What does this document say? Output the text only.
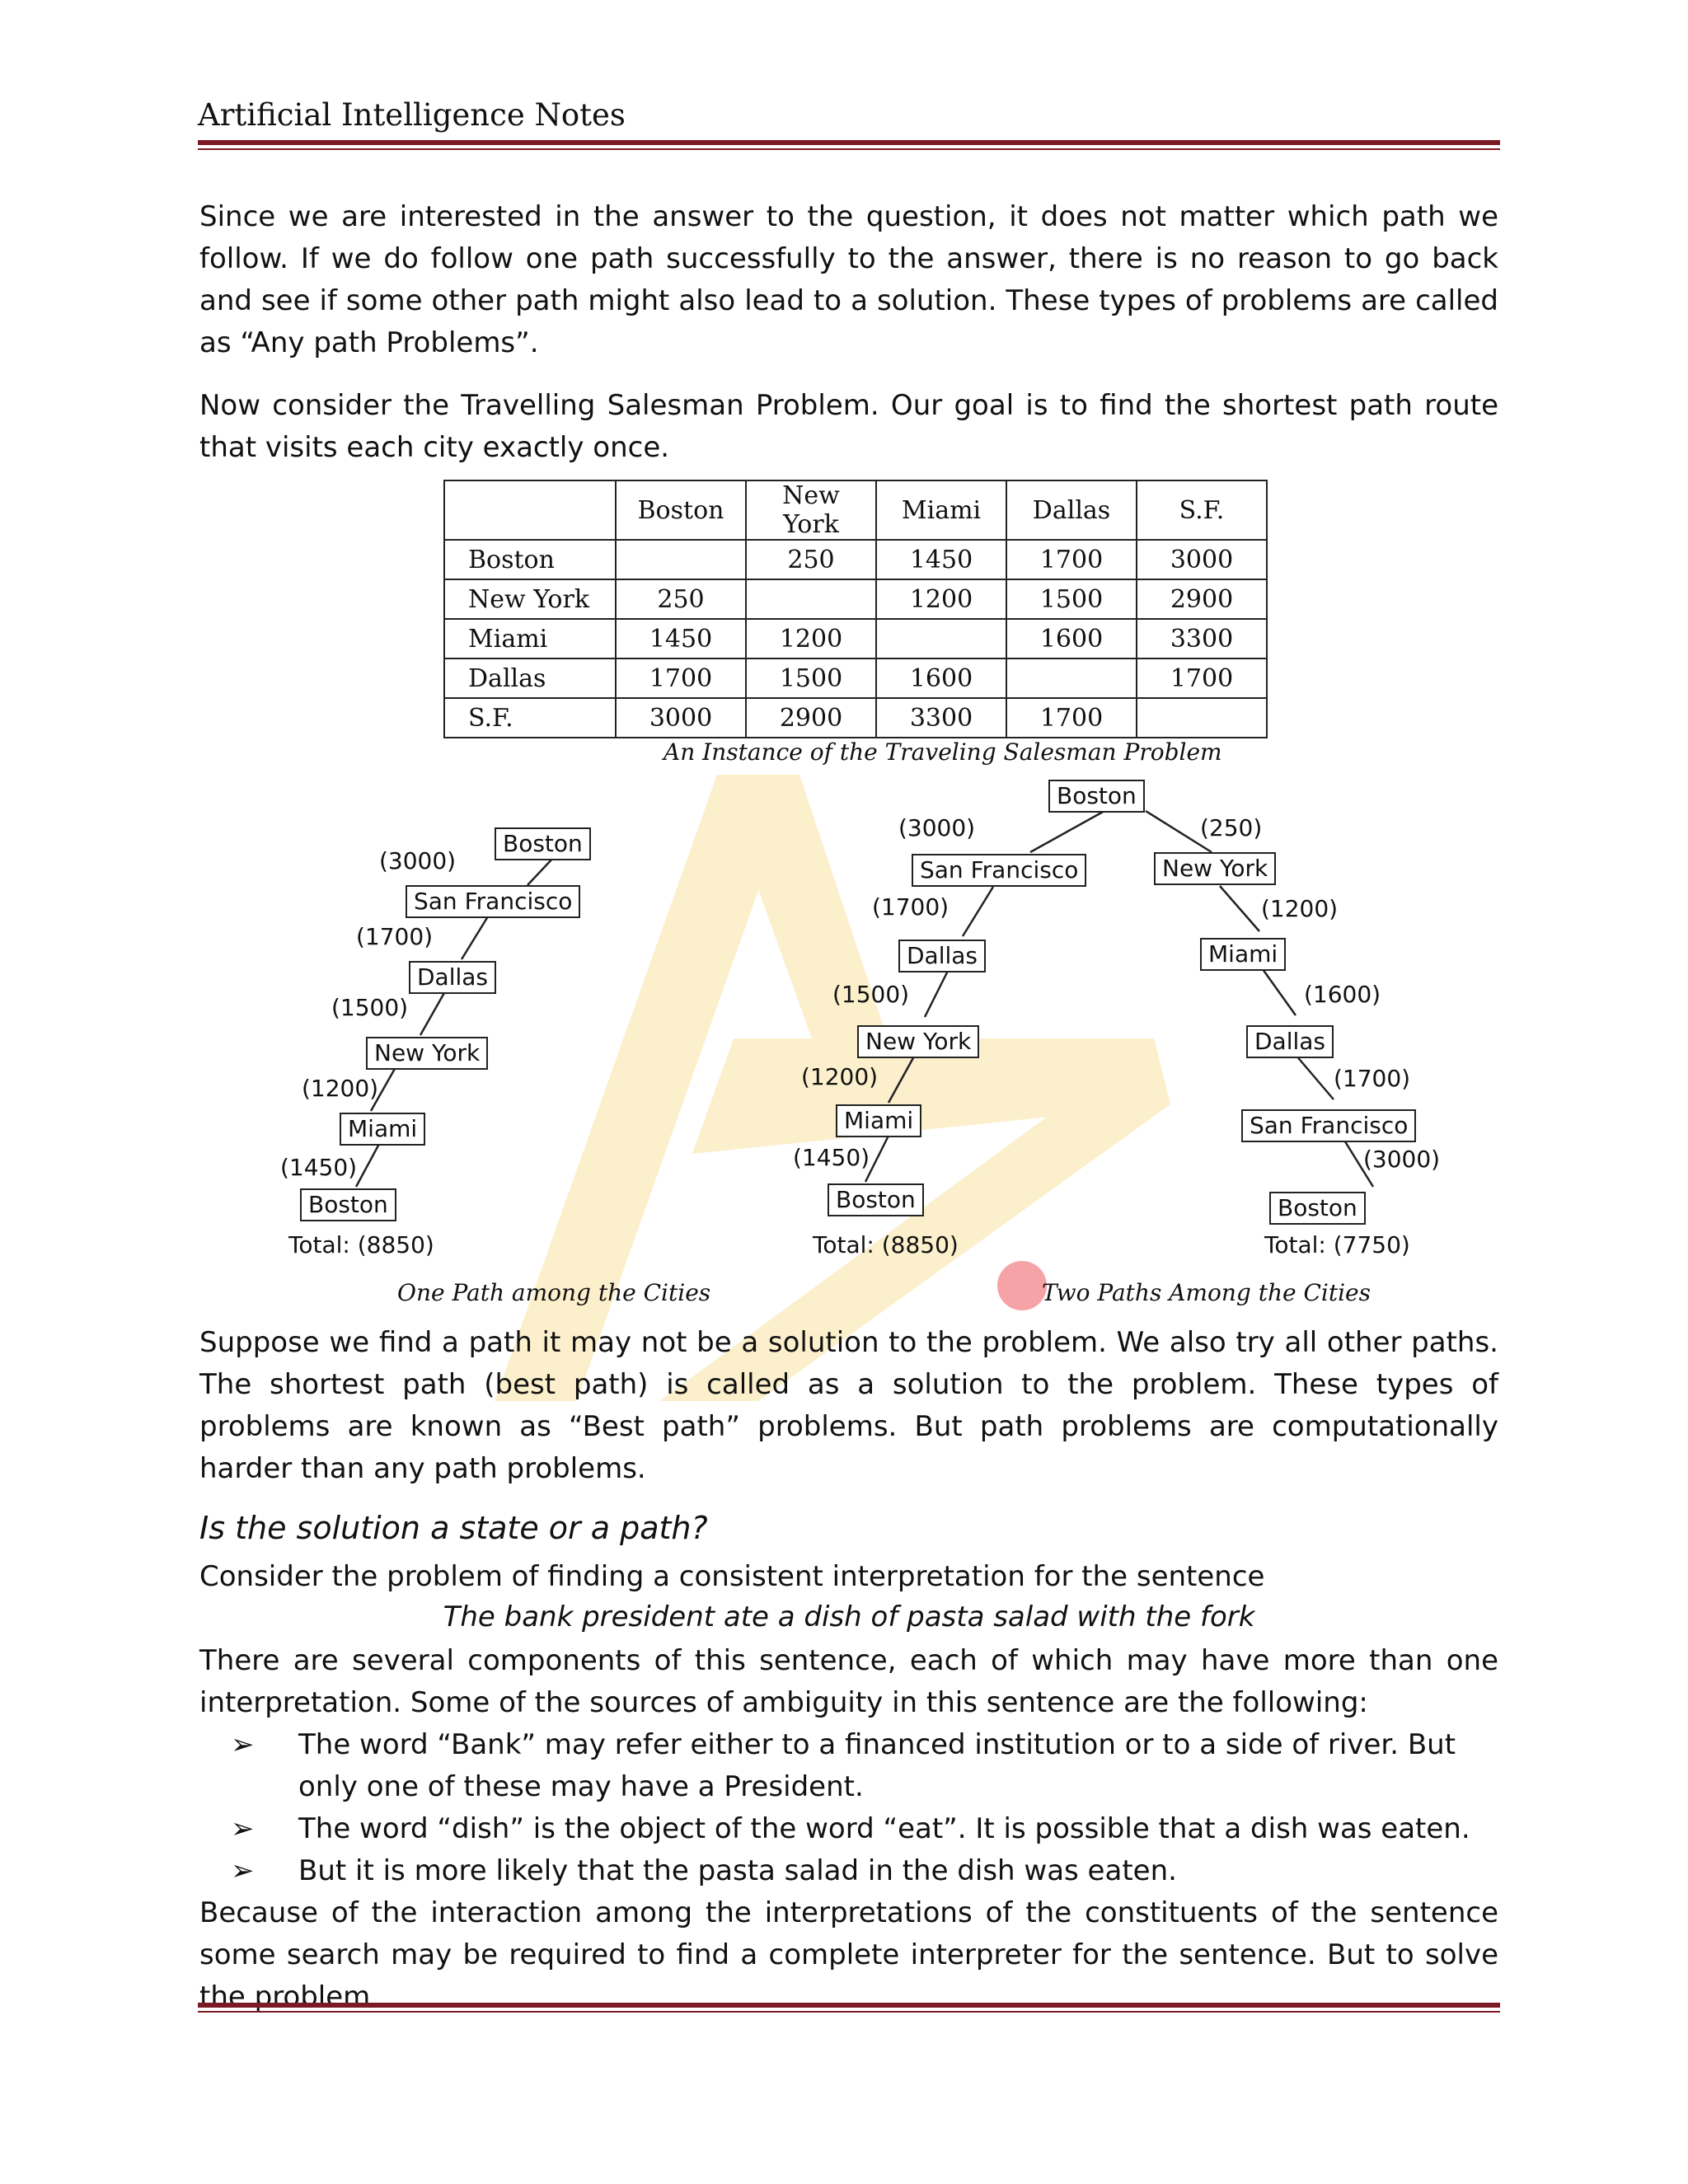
Artificial Intelligence Notes
Since we are interested in the answer to the question, it does not matter which path we follow. If we do follow one path successfully to the answer, there is no reason to go back and see if some other path might also lead to a solution. These types of problems are called as “Any path Problems”.
Now consider the Travelling Salesman Problem. Our goal is to find the shortest path route that visits each city exactly once.
	Boston	New York	Miami	Dallas	S.F.
Boston		250	1450	1700	3000
New York	250		1200	1500	2900
Miami	1450	1200		1600	3300
Dallas	1700	1500	1600		1700
S.F.	3000	2900	3300	1700	
An Instance of the Traveling Salesman Problem
Boston
(3000)
San Francisco
(1700)
Dallas
(1500)
New York
(1200)
Miami
(1450)
Boston
Total: (8850)
One Path among the Cities
Boston
(3000)
San Francisco
(1700)
Dallas
(1500)
New York
(1200)
Miami
(1450)
Boston
Total: (8850)
(250)
New York
(1200)
Miami
(1600)
Dallas
(1700)
San Francisco
(3000)
Boston
Total: (7750)
Two Paths Among the Cities
Suppose we find a path it may not be a solution to the problem. We also try all other paths. The shortest path (best path) is called as a solution to the problem. These types of problems are known as “Best path” problems. But path problems are computationally harder than any path problems.
Is the solution a state or a path?
Consider the problem of finding a consistent interpretation for the sentence
The bank president ate a dish of pasta salad with the fork
There are several components of this sentence, each of which may have more than one interpretation. Some of the sources of ambiguity in this sentence are the following:
➢ The word “Bank” may refer either to a financed institution or to a side of river. But only one of these may have a President.
➢ The word “dish” is the object of the word “eat”. It is possible that a dish was eaten.
➢ But it is more likely that the pasta salad in the dish was eaten.
Because of the interaction among the interpretations of the constituents of the sentence some search may be required to find a complete interpreter for the sentence. But to solve the problem
